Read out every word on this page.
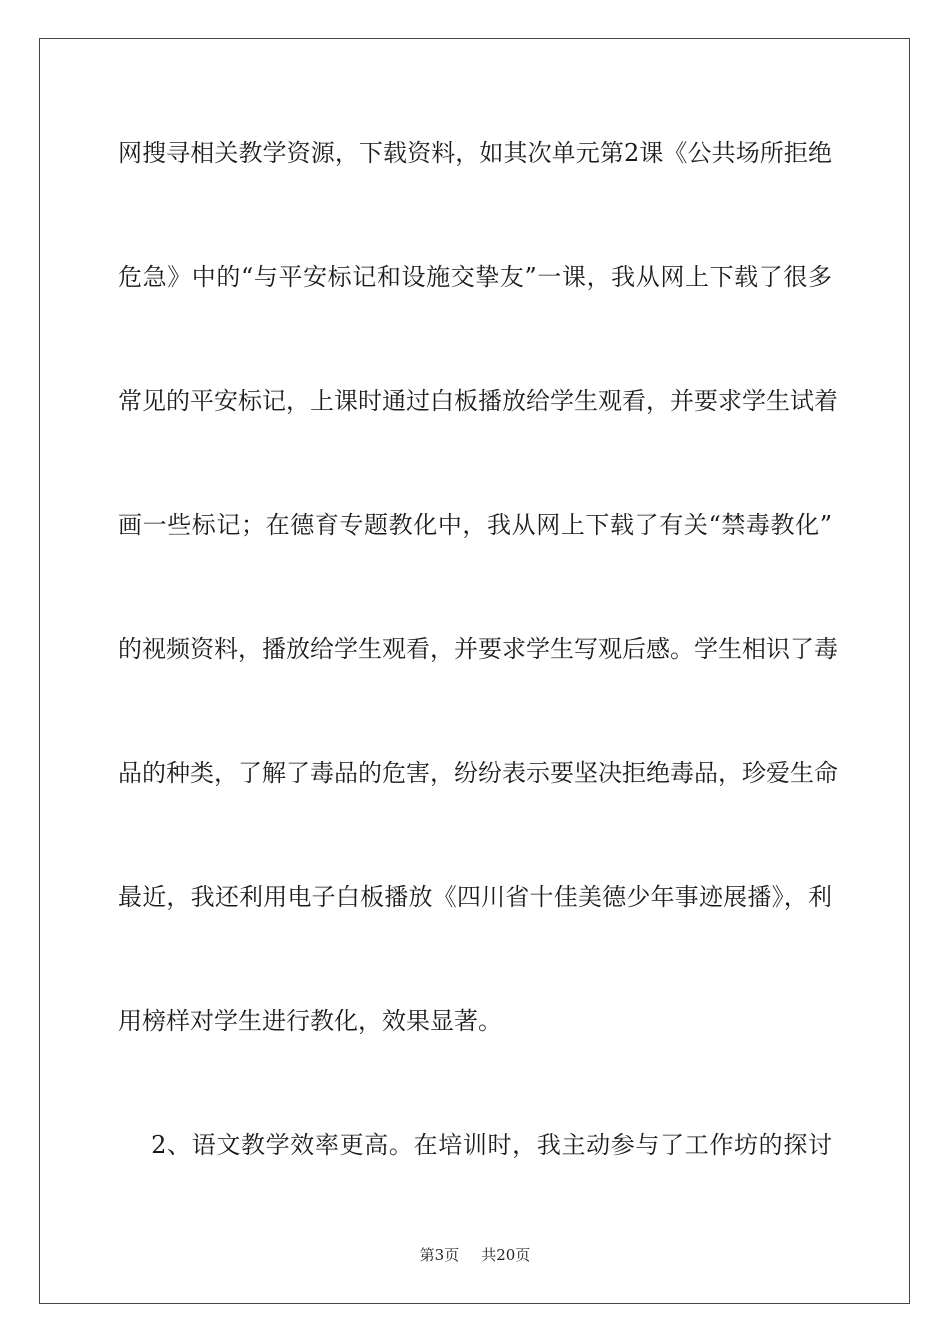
网搜寻相关教学资源，下载资料，如其次单元第2课《公共场所拒绝
危急》中的“与平安标记和设施交挚友”一课，我从网上下载了很多
常见的平安标记，上课时通过白板播放给学生观看，并要求学生试着
画一些标记；在德育专题教化中，我从网上下载了有关“禁毒教化”
的视频资料，播放给学生观看，并要求学生写观后感。学生相识了毒
品的种类，了解了毒品的危害，纷纷表示要坚决拒绝毒品，珍爱生命
最近，我还利用电子白板播放《四川省十佳美德少年事迹展播》，利
用榜样对学生进行教化，效果显著。
2、语文教学效率更高。在培训时，我主动参与了工作坊的探讨
第3页 共20页
